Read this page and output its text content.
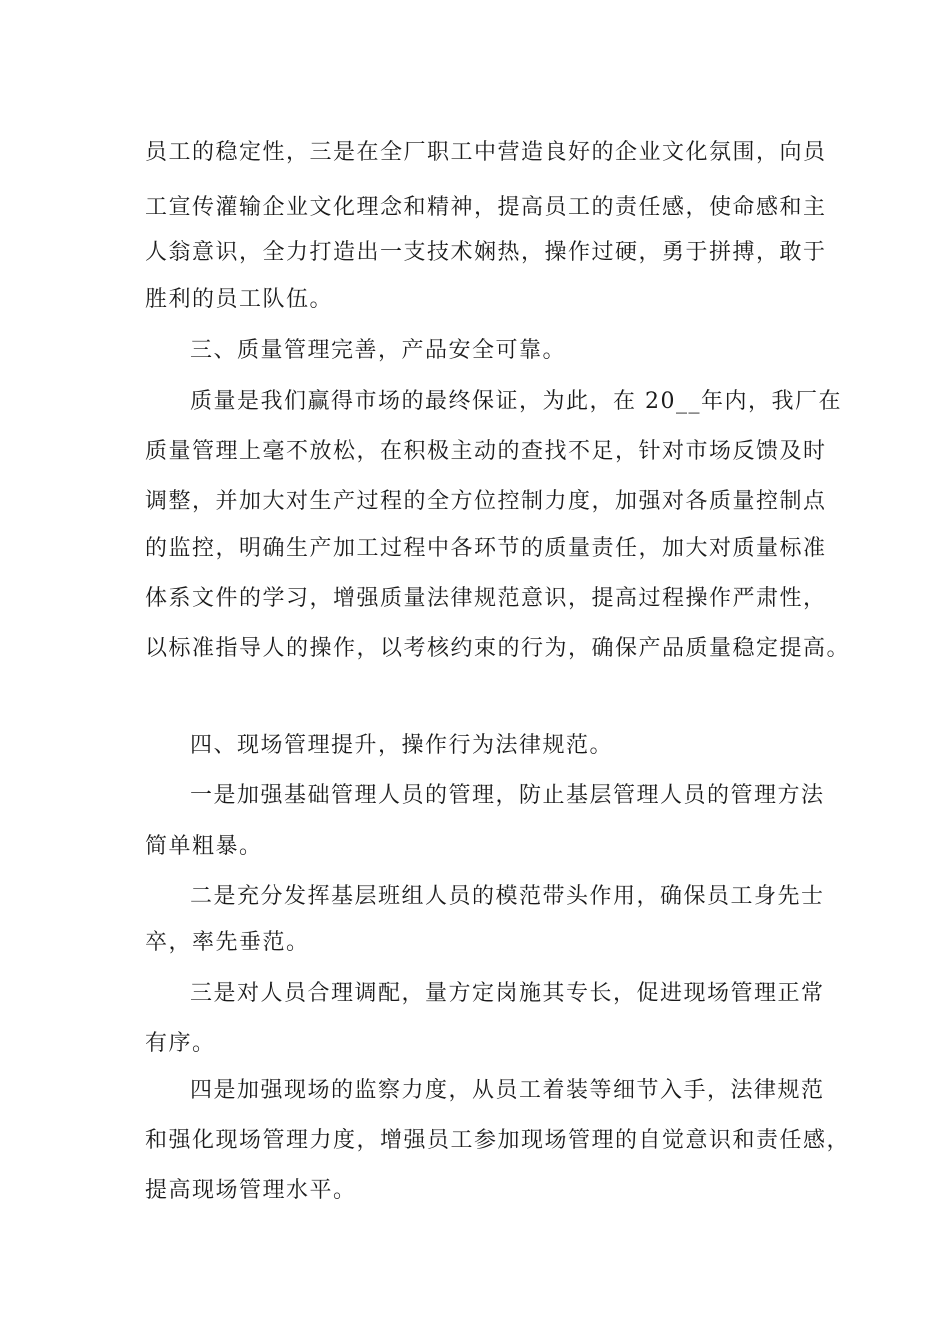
员工的稳定性，三是在全厂职工中营造良好的企业文化氛围，向员
工宣传灌输企业文化理念和精神，提高员工的责任感，使命感和主
人翁意识，全力打造出一支技术娴热，操作过硬，勇于拼搏，敢于
胜利的员工队伍。
三、质量管理完善，产品安全可靠。
质量是我们赢得市场的最终保证，为此，在 20__年内，我厂在
质量管理上毫不放松，在积极主动的查找不足，针对市场反馈及时
调整，并加大对生产过程的全方位控制力度，加强对各质量控制点
的监控，明确生产加工过程中各环节的质量责任，加大对质量标准
体系文件的学习，增强质量法律规范意识，提高过程操作严肃性，
以标准指导人的操作，以考核约束的行为，确保产品质量稳定提高。
四、现场管理提升，操作行为法律规范。
一是加强基础管理人员的管理，防止基层管理人员的管理方法
简单粗暴。
二是充分发挥基层班组人员的模范带头作用，确保员工身先士
卒，率先垂范。
三是对人员合理调配，量方定岗施其专长，促进现场管理正常
有序。
四是加强现场的监察力度，从员工着装等细节入手，法律规范
和强化现场管理力度，增强员工参加现场管理的自觉意识和责任感，
提高现场管理水平。
